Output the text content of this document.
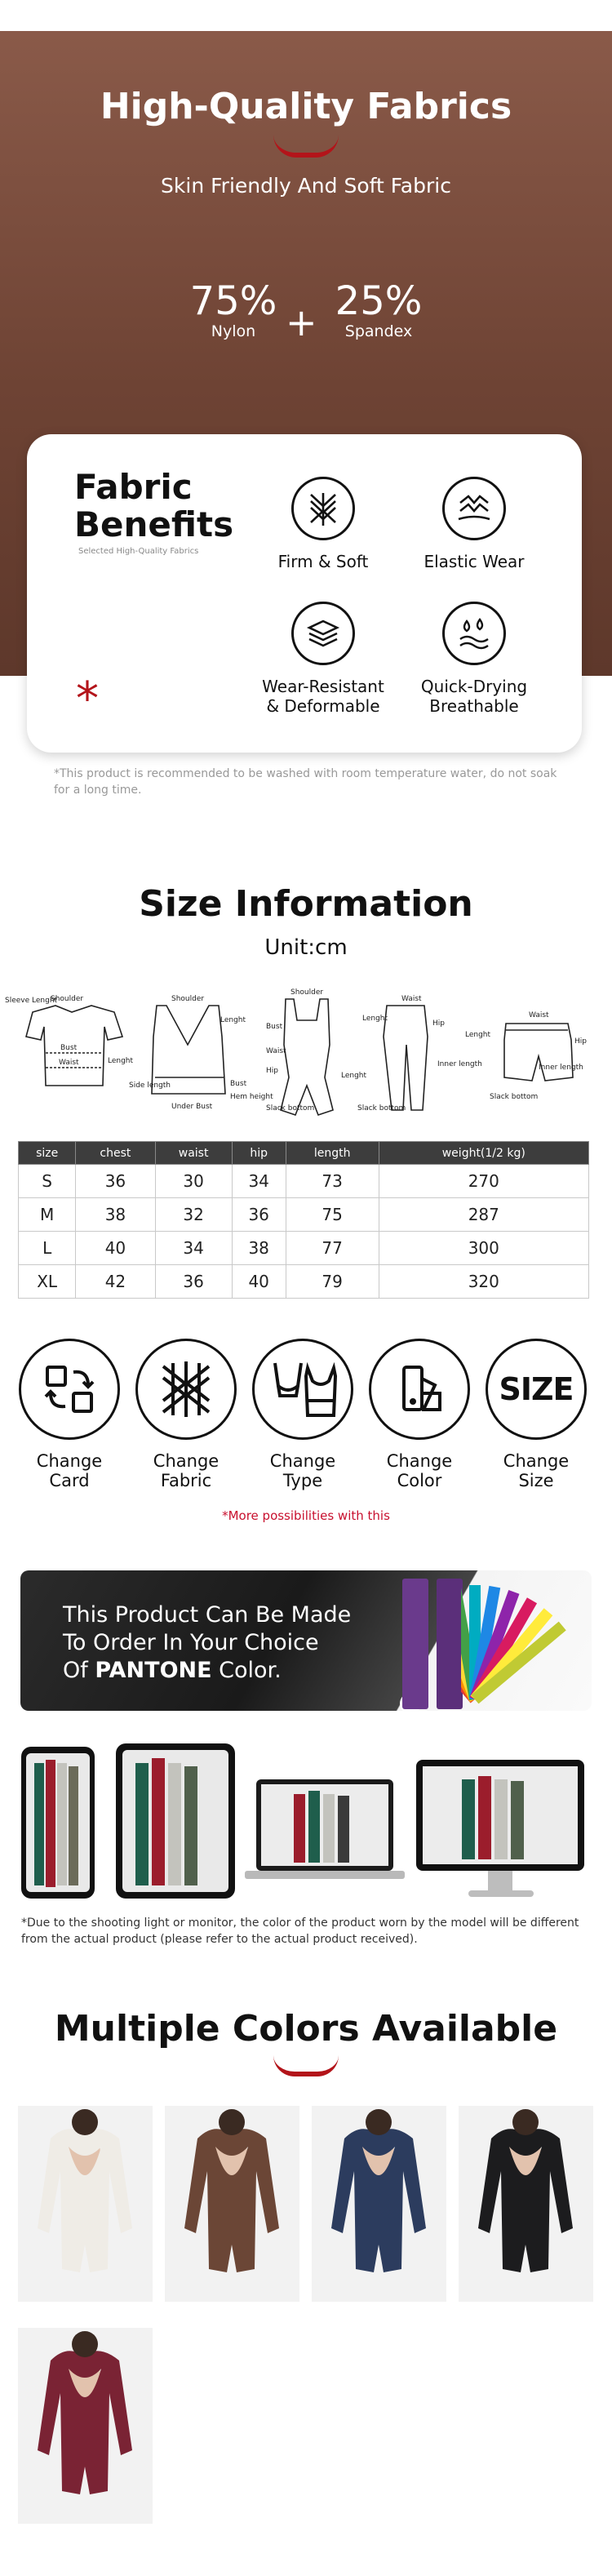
High-Quality Fabrics
Skin Friendly And Soft Fabric
75%
Nylon + 25%
Spandex
Fabric
Benefits
Selected High-Quality Fabrics
*
Firm & Soft	Elastic Wear
Wear-Resistant
& Deformable
Quick-Drying
Breathable
*This product is recommended to be washed with room temperature water, do not soak for a long time.
Size Information
Unit:cm
Sleeve Lenght
Shoulder
Bust
Waist	Lenght
Shoulder
Lenght
Side length	Bust
Hem height
Under Bust
Shoulder
Bust
Waist
Hip
Lenght
Slack bottom
Waist
Lenght
Hip
Inner length
Slack bottom
Waist
Lenght
Hip
Inner length
Slack bottom
size	chest	waist	hip	length	weight(1/2 kg)
S	36	30	34	73	270
M	38	32	36	75	287
L	40	34	38	77	300
XL	42	36	40	79	320
Change
Card
Change
Fabric
Change
Type
Change
Color
SIZE
Change
Size
*More possibilities with this
This Product Can Be Made
To Order In Your Choice
Of PANTONE Color.
*Due to the shooting light or monitor, the color of the product worn by the model will be different from the actual product (please refer to the actual product received).
Multiple Colors Available
